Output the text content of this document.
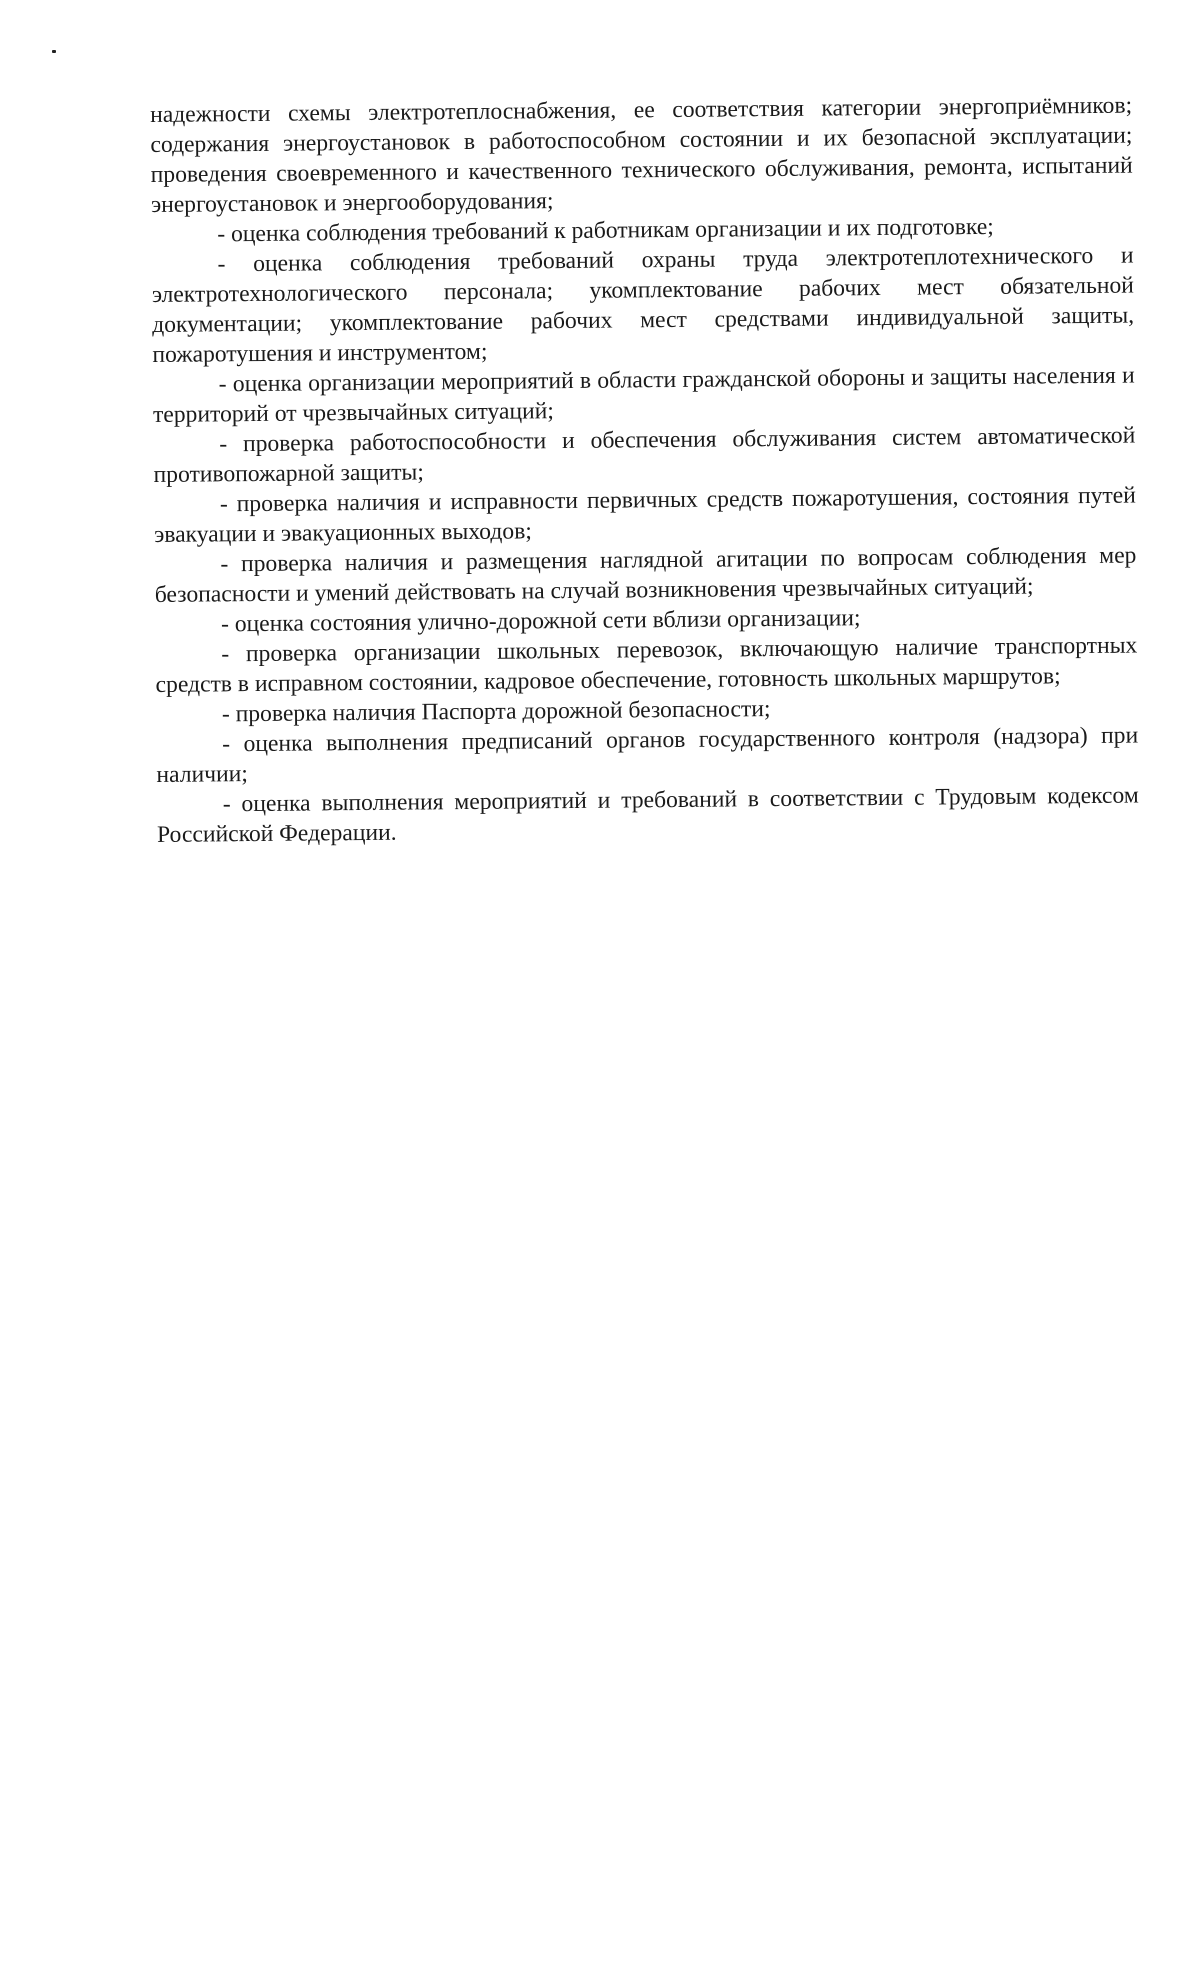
надежности схемы электротеплоснабжения, ее соответствия категории энергоприёмников; содержания энергоустановок в работоспособном состоянии и их безопасной эксплуатации; проведения своевременного и качественного технического обслуживания, ремонта, испытаний энергоустановок и энергооборудования;

- оценка соблюдения требований к работникам организации и их подготовке;

- оценка соблюдения требований охраны труда электротеплотехнического и электротехнологического персонала; укомплектование рабочих мест обязательной документации; укомплектование рабочих мест средствами индивидуальной защиты, пожаротушения и инструментом;

- оценка организации мероприятий в области гражданской обороны и защиты населения и территорий от чрезвычайных ситуаций;

- проверка работоспособности и обеспечения обслуживания систем автоматической противопожарной защиты;

- проверка наличия и исправности первичных средств пожаротушения, состояния путей эвакуации и эвакуационных выходов;

- проверка наличия и размещения наглядной агитации по вопросам соблюдения мер безопасности и умений действовать на случай возникновения чрезвычайных ситуаций;

- оценка состояния улично-дорожной сети вблизи организации;

- проверка организации школьных перевозок, включающую наличие транспортных средств в исправном состоянии, кадровое обеспечение, готовность школьных маршрутов;

- проверка наличия Паспорта дорожной безопасности;

- оценка выполнения предписаний органов государственного контроля (надзора) при наличии;

- оценка выполнения мероприятий и требований в соответствии с Трудовым кодексом Российской Федерации.
